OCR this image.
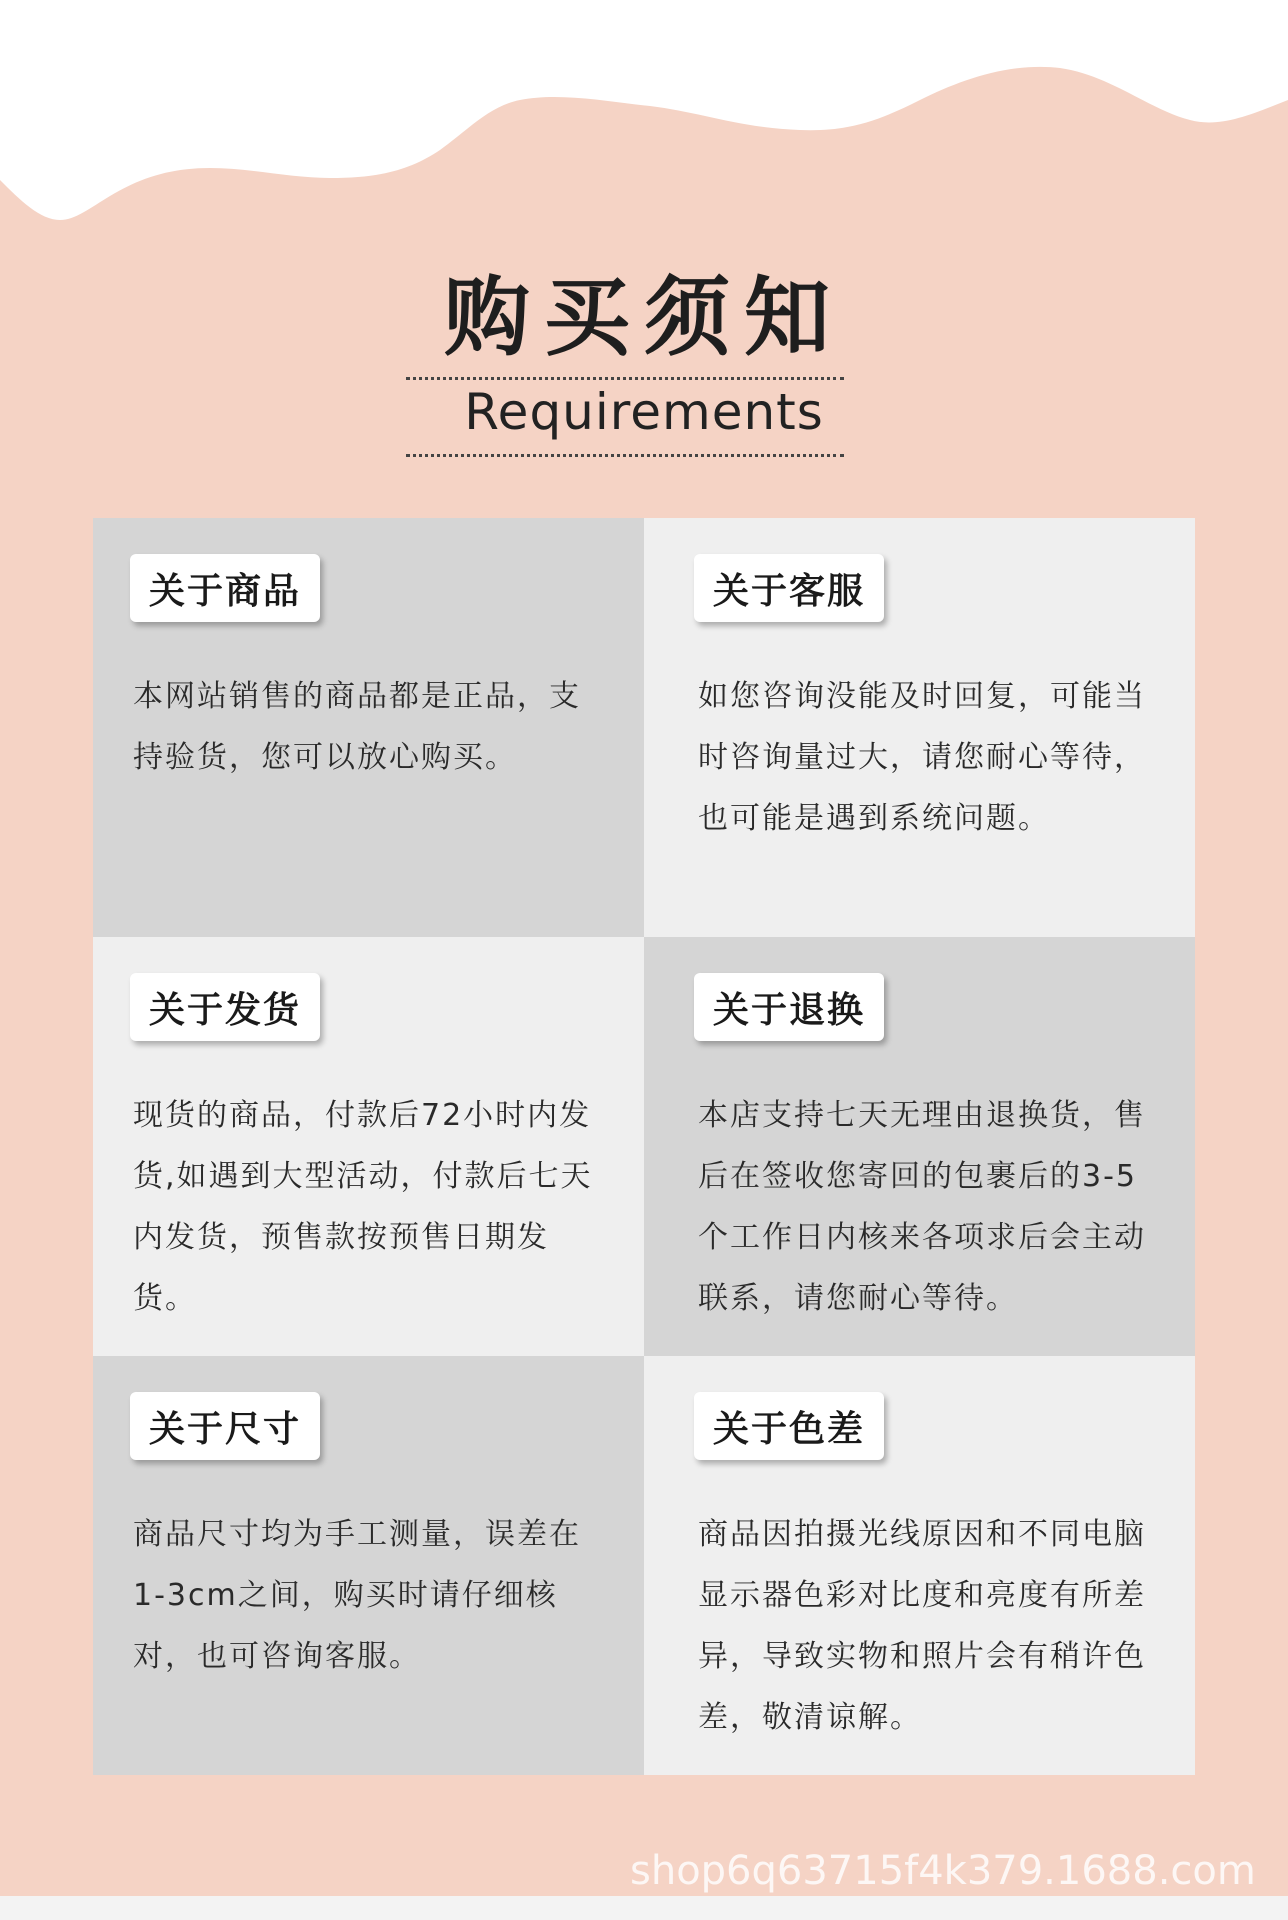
购买须知
Requirements
关于商品
本网站销售的商品都是正品，支持验货，您可以放心购买。
关于客服
如您咨询没能及时回复，可能当时咨询量过大，请您耐心等待，也可能是遇到系统问题。
关于发货
现货的商品，付款后72小时内发货,如遇到大型活动，付款后七天内发货，预售款按预售日期发货。
关于退换
本店支持七天无理由退换货，售后在签收您寄回的包裹后的3-5个工作日内核来各项求后会主动联系，请您耐心等待。
关于尺寸
商品尺寸均为手工测量，误差在1-3cm之间，购买时请仔细核对，也可咨询客服。
关于色差
商品因拍摄光线原因和不同电脑显示器色彩对比度和亮度有所差异，导致实物和照片会有稍许色差，敬清谅解。
shop6q63715f4k379.1688.com
